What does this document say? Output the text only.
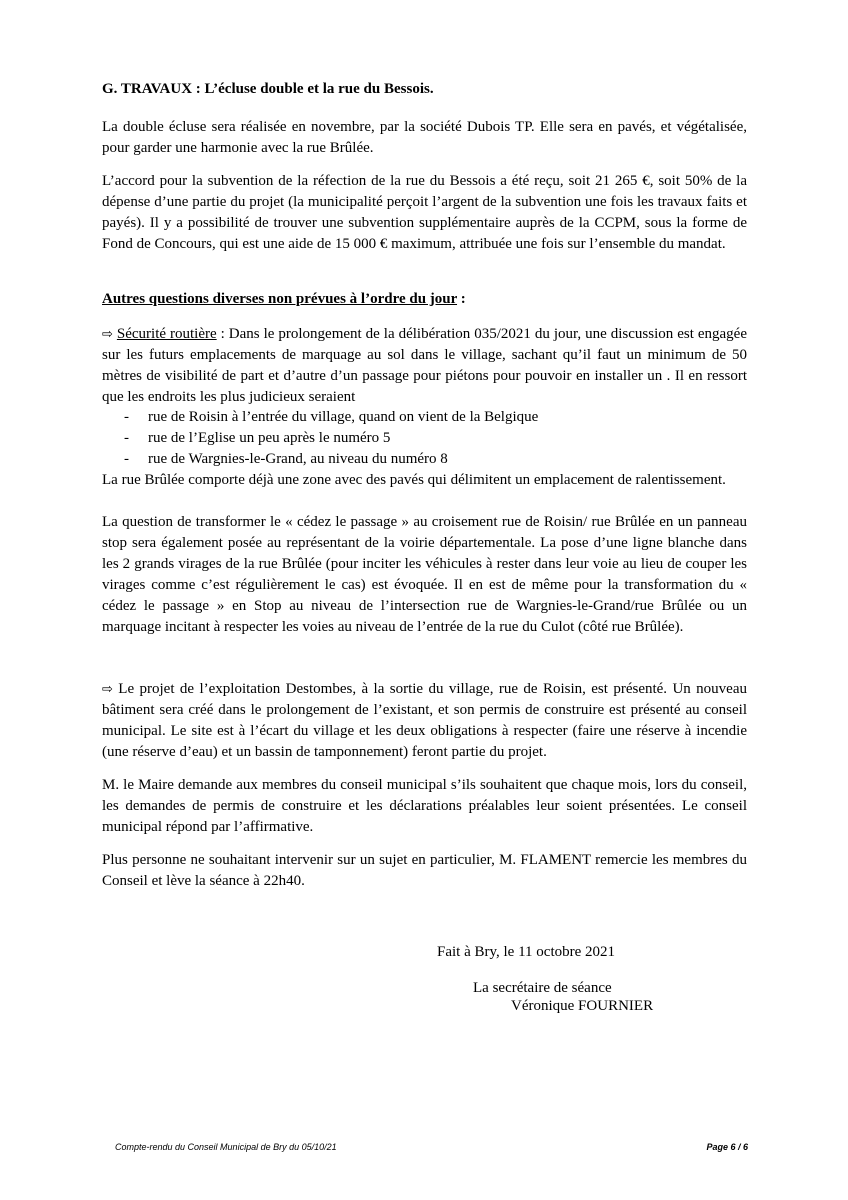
G. TRAVAUX : L’écluse double et la rue du Bessois.

La double écluse sera réalisée en novembre, par la société Dubois TP. Elle sera en pavés, et végétalisée, pour garder une harmonie avec la rue Brûlée.

L’accord pour la subvention de la réfection de la rue du Bessois a été reçu, soit 21 265 €, soit 50% de la dépense d’une partie du projet (la municipalité perçoit l’argent de la subvention une fois les travaux faits et payés). Il y a possibilité de trouver une subvention supplémentaire auprès de la CCPM, sous la forme de Fond de Concours, qui est une aide de 15 000 € maximum, attribuée une fois sur l’ensemble du mandat.

Autres questions diverses non prévues à l’ordre du jour :

⇨ Sécurité routière : Dans le prolongement de la délibération 035/2021 du jour, une discussion est engagée sur les futurs emplacements de marquage au sol dans le village, sachant qu’il faut un minimum de 50 mètres de visibilité de part et d’autre d’un passage pour piétons pour pouvoir en installer un . Il en ressort que les endroits les plus judicieux seraient

- rue de Roisin à l’entrée du village, quand on vient de la Belgique
- rue de l’Eglise un peu après le numéro 5
- rue de Wargnies-le-Grand, au niveau du numéro 8

La rue Brûlée comporte déjà une zone avec des pavés qui délimitent un emplacement de ralentissement.

La question de transformer le « cédez le passage » au croisement rue de Roisin/ rue Brûlée en un panneau stop sera également posée au représentant de la voirie départementale. La pose d’une ligne blanche dans les 2 grands virages de la rue Brûlée (pour inciter les véhicules à rester dans leur voie au lieu de couper les virages comme c’est régulièrement le cas) est évoquée. Il en est de même pour la transformation du « cédez le passage » en Stop au niveau de l’intersection rue de Wargnies-le-Grand/rue Brûlée ou un marquage incitant à respecter les voies au niveau de l’entrée de la rue du Culot (côté rue Brûlée).

⇨ Le projet de l’exploitation Destombes, à la sortie du village, rue de Roisin, est présenté. Un nouveau bâtiment sera créé dans le prolongement de l’existant, et son permis de construire est présenté au conseil municipal. Le site est à l’écart du village et les deux obligations à respecter (faire une réserve à incendie (une réserve d’eau) et un bassin de tamponnement) feront partie du projet.

M. le Maire demande aux membres du conseil municipal s’ils souhaitent que chaque mois, lors du conseil, les demandes de permis de construire et les déclarations préalables leur soient présentées. Le conseil municipal répond par l’affirmative.

Plus personne ne souhaitant intervenir sur un sujet en particulier, M. FLAMENT remercie les membres du Conseil et lève la séance à 22h40.

Fait à Bry, le 11 octobre 2021

La secrétaire de séance

Véronique FOURNIER

Compte-rendu du Conseil Municipal de Bry du 05/10/21	Page 6 / 6
